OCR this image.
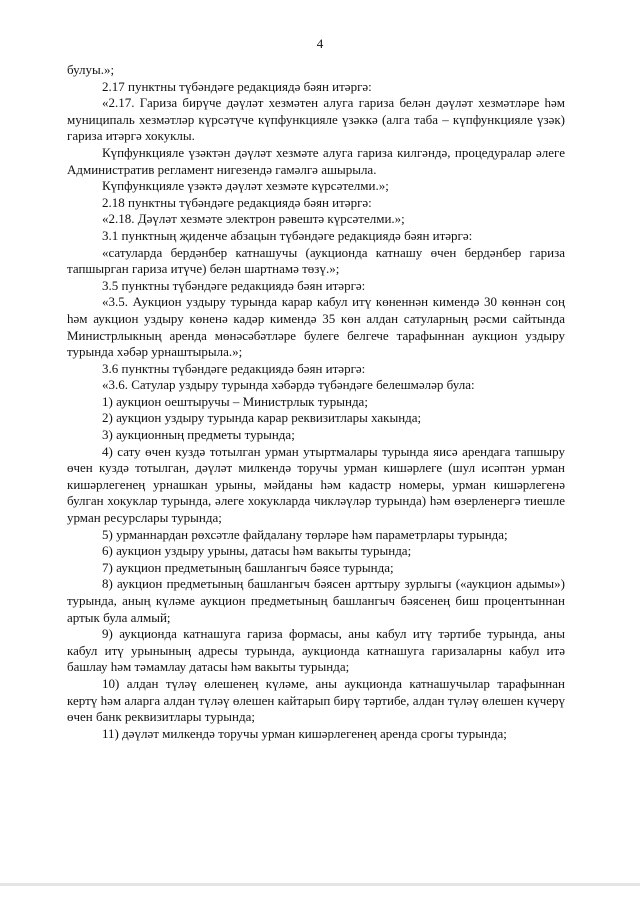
4

булуы.»;

2.17 пунктны түбәндәге редакциядә бәян итәргә:

«2.17. Гариза бирүче дәүләт хезмәтен алуга гариза белән дәүләт хезмәтләре һәм муниципаль хезмәтләр күрсәтүче күпфункцияле үзәккә (алга таба – күпфункцияле үзәк) гариза итәргә хокуклы.

Күпфункцияле үзәктән дәүләт хезмәте алуга гариза килгәндә, процедуралар әлеге Административ регламент нигезендә гамәлгә ашырыла.

Күпфункцияле үзәктә дәүләт хезмәте күрсәтелми.»;

2.18 пунктны түбәндәге редакциядә бәян итәргә:

«2.18. Дәүләт хезмәте электрон рәвештә күрсәтелми.»;

3.1 пунктның җиденче абзацын түбәндәге редакциядә бәян итәргә:

«сатуларда бердәнбер катнашучы (аукционда катнашу өчен бердәнбер гариза тапшырган гариза итүче) белән шартнамә төзү.»;

3.5 пунктны түбәндәге редакциядә бәян итәргә:

«3.5. Аукцион уздыру турында карар кабул итү көненнән кимендә 30 көннән соң һәм аукцион уздыру көненә кадәр кимендә 35 көн алдан сатуларның рәсми сайтында Министрлыкның аренда мөнәсәбәтләре булеге белгече тарафыннан аукцион уздыру турында хәбәр урнаштырыла.»;

3.6 пунктны түбәндәге редакциядә бәян итәргә:

«3.6. Сатулар уздыру турында хәбәрдә түбәндәге белешмәләр була:

1) аукцион оештыручы – Министрлык турында;

2) аукцион уздыру турында карар реквизитлары хакында;

3) аукционның предметы турында;

4) сату өчен куздә тотылган урман утыртмалары турында яисә арендага тапшыру өчен куздә тотылган, дәүләт милкендә торучы урман кишәрлеге (шул исәптән урман кишәрлегенең урнашкан урыны, мәйданы һәм кадастр номеры, урман кишәрлегенә булган хокуклар турында, әлеге хокукларда чикләүләр турында) һәм өзерленергә тиешле урман ресурслары турында;

5) урманнардан рөхсәтле файдалану төрләре һәм параметрлары турында;

6) аукцион уздыру урыны, датасы һәм вакыты турында;

7) аукцион предметының башлангыч бәясе турында;

8) аукцион предметының башлангыч бәясен арттыру зурлыгы («аукцион адымы») турында, аның күләме аукцион предметының башлангыч бәясенең биш процентыннан артык була алмый;

9) аукционда катнашуга гариза формасы, аны кабул итү тәртибе турында, аны кабул итү урынының адресы турында, аукционда катнашуга гаризаларны кабул итә башлау һәм тәмамлау датасы һәм вакыты турында;

10) алдан түләү өлешенең күләме, аны аукционда катнашучылар тарафыннан кертү һәм аларга алдан түләү өлешен кайтарып бирү тәртибе, алдан түләү өлешен күчерү өчен банк реквизитлары турында;

11) дәүләт милкендә торучы урман кишәрлегенең аренда срогы турында;
